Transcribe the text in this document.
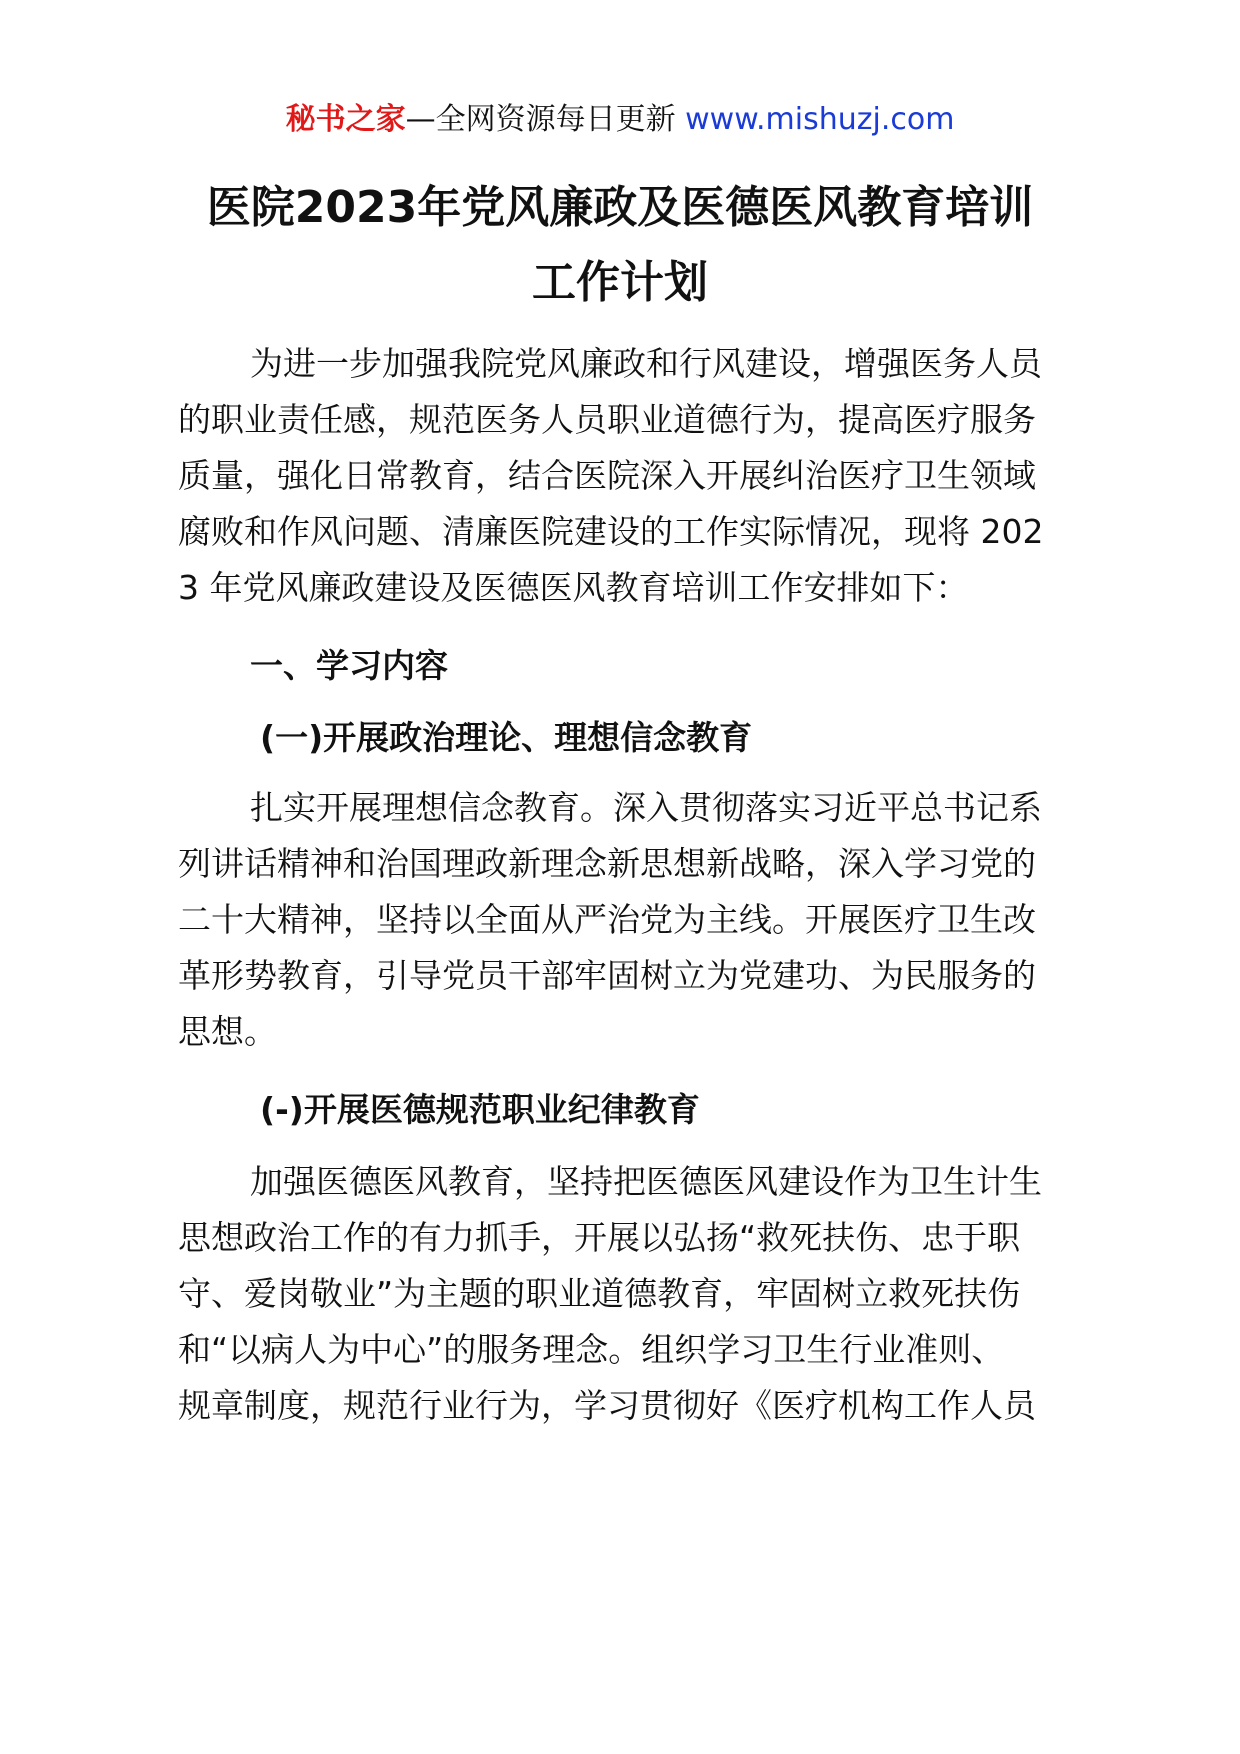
秘书之家—全网资源每日更新 www.mishuzj.com
医院2023年党风廉政及医德医风教育培训
工作计划
为进一步加强我院党风廉政和行风建设，增强医务人员
的职业责任感，规范医务人员职业道德行为，提高医疗服务
质量，强化日常教育，结合医院深入开展纠治医疗卫生领域
腐败和作风问题、清廉医院建设的工作实际情况，现将 202
3 年党风廉政建设及医德医风教育培训工作安排如下：
一、学习内容
(一)开展政治理论、理想信念教育
扎实开展理想信念教育。深入贯彻落实习近平总书记系
列讲话精神和治国理政新理念新思想新战略，深入学习党的
二十大精神，坚持以全面从严治党为主线。开展医疗卫生改
革形势教育，引导党员干部牢固树立为党建功、为民服务的
思想。
(-)开展医德规范职业纪律教育
加强医德医风教育，坚持把医德医风建设作为卫生计生
思想政治工作的有力抓手，开展以弘扬“救死扶伤、忠于职
守、爱岗敬业”为主题的职业道德教育，牢固树立救死扶伤
和“以病人为中心”的服务理念。组织学习卫生行业准则、
规章制度，规范行业行为，学习贯彻好《医疗机构工作人员
